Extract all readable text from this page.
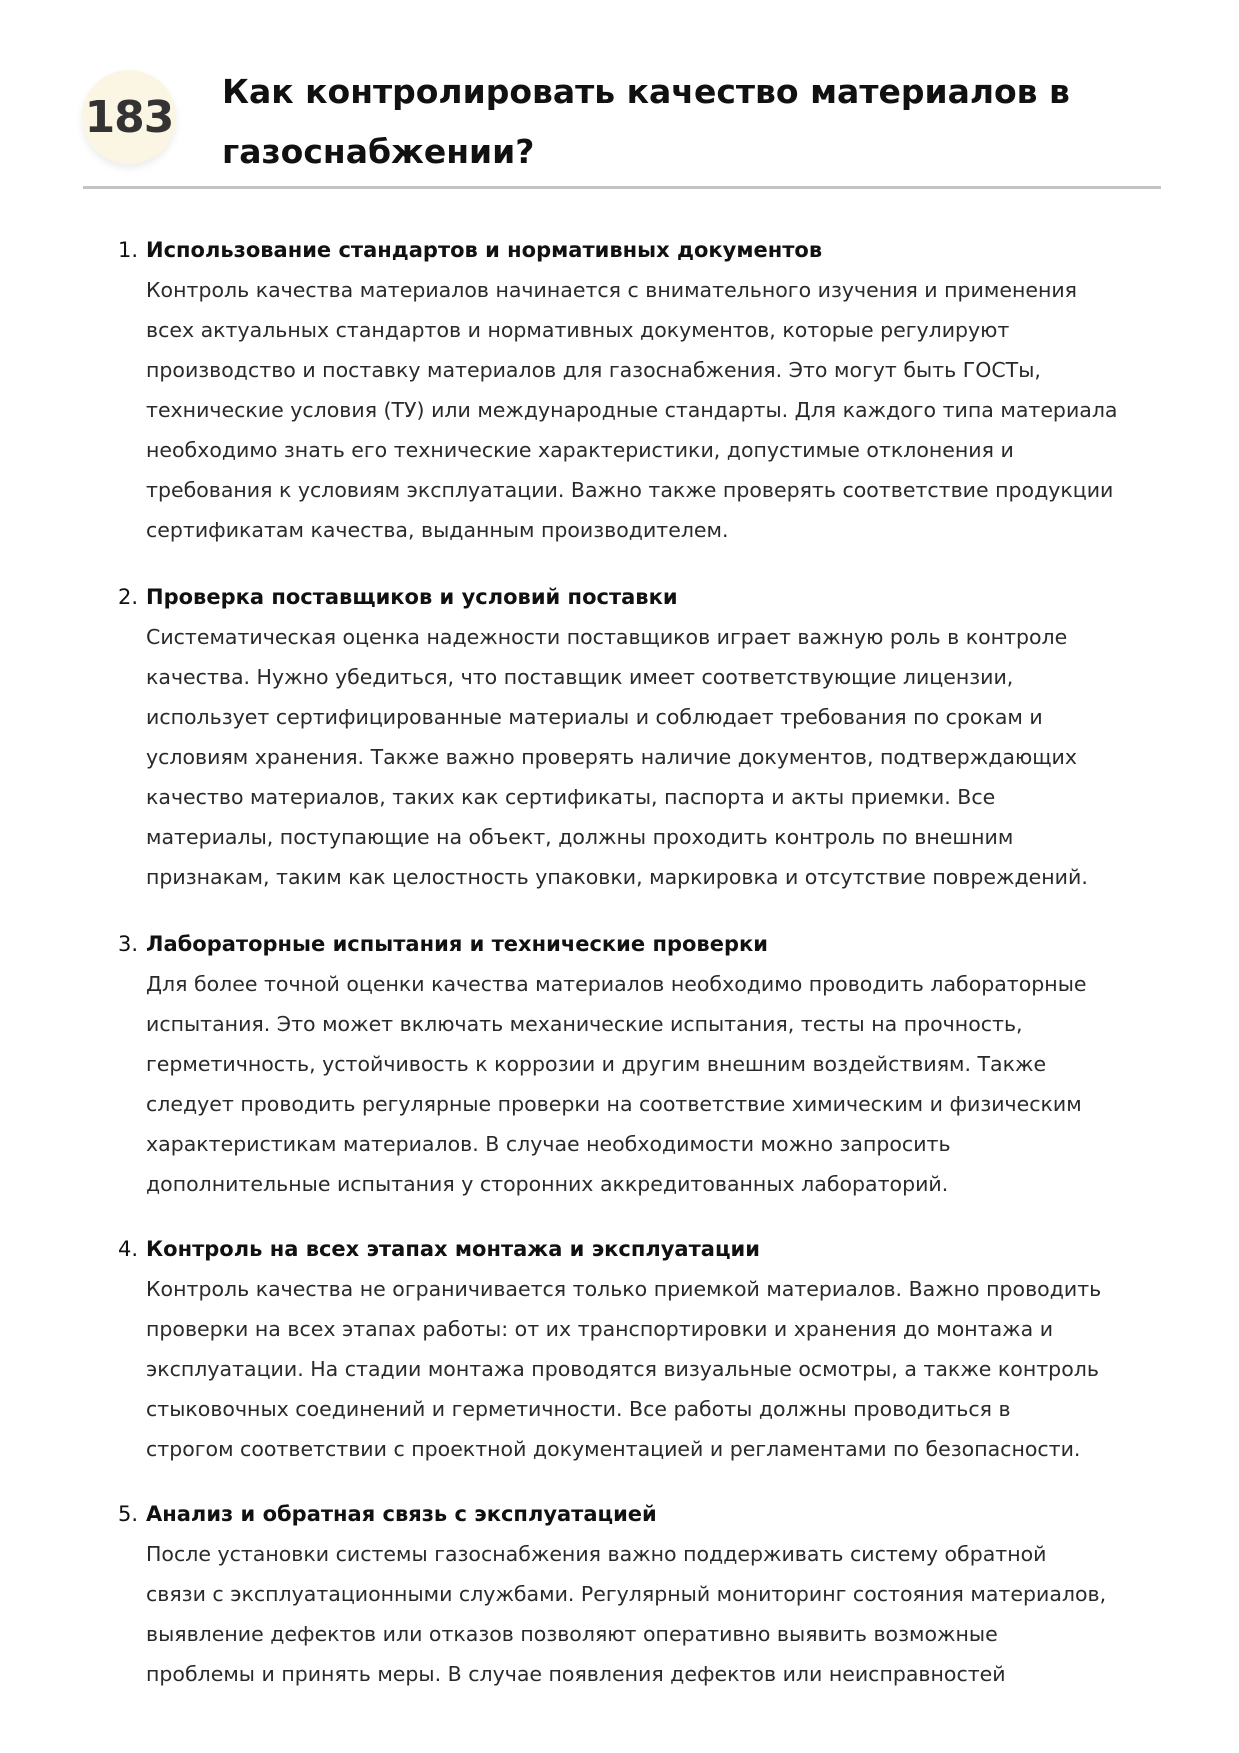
183 Как контролировать качество материалов в
газоснабжении?
1. Использование стандартов и нормативных документов
Контроль качества материалов начинается с внимательного изучения и применения
всех актуальных стандартов и нормативных документов, которые регулируют
производство и поставку материалов для газоснабжения. Это могут быть ГОСТы,
технические условия (ТУ) или международные стандарты. Для каждого типа материала
необходимо знать его технические характеристики, допустимые отклонения и
требования к условиям эксплуатации. Важно также проверять соответствие продукции
сертификатам качества, выданным производителем.
2. Проверка поставщиков и условий поставки
Систематическая оценка надежности поставщиков играет важную роль в контроле
качества. Нужно убедиться, что поставщик имеет соответствующие лицензии,
использует сертифицированные материалы и соблюдает требования по срокам и
условиям хранения. Также важно проверять наличие документов, подтверждающих
качество материалов, таких как сертификаты, паспорта и акты приемки. Все
материалы, поступающие на объект, должны проходить контроль по внешним
признакам, таким как целостность упаковки, маркировка и отсутствие повреждений.
3. Лабораторные испытания и технические проверки
Для более точной оценки качества материалов необходимо проводить лабораторные
испытания. Это может включать механические испытания, тесты на прочность,
герметичность, устойчивость к коррозии и другим внешним воздействиям. Также
следует проводить регулярные проверки на соответствие химическим и физическим
характеристикам материалов. В случае необходимости можно запросить
дополнительные испытания у сторонних аккредитованных лабораторий.
4. Контроль на всех этапах монтажа и эксплуатации
Контроль качества не ограничивается только приемкой материалов. Важно проводить
проверки на всех этапах работы: от их транспортировки и хранения до монтажа и
эксплуатации. На стадии монтажа проводятся визуальные осмотры, а также контроль
стыковочных соединений и герметичности. Все работы должны проводиться в
строгом соответствии с проектной документацией и регламентами по безопасности.
5. Анализ и обратная связь с эксплуатацией
После установки системы газоснабжения важно поддерживать систему обратной
связи с эксплуатационными службами. Регулярный мониторинг состояния материалов,
выявление дефектов или отказов позволяют оперативно выявить возможные
проблемы и принять меры. В случае появления дефектов или неисправностей
